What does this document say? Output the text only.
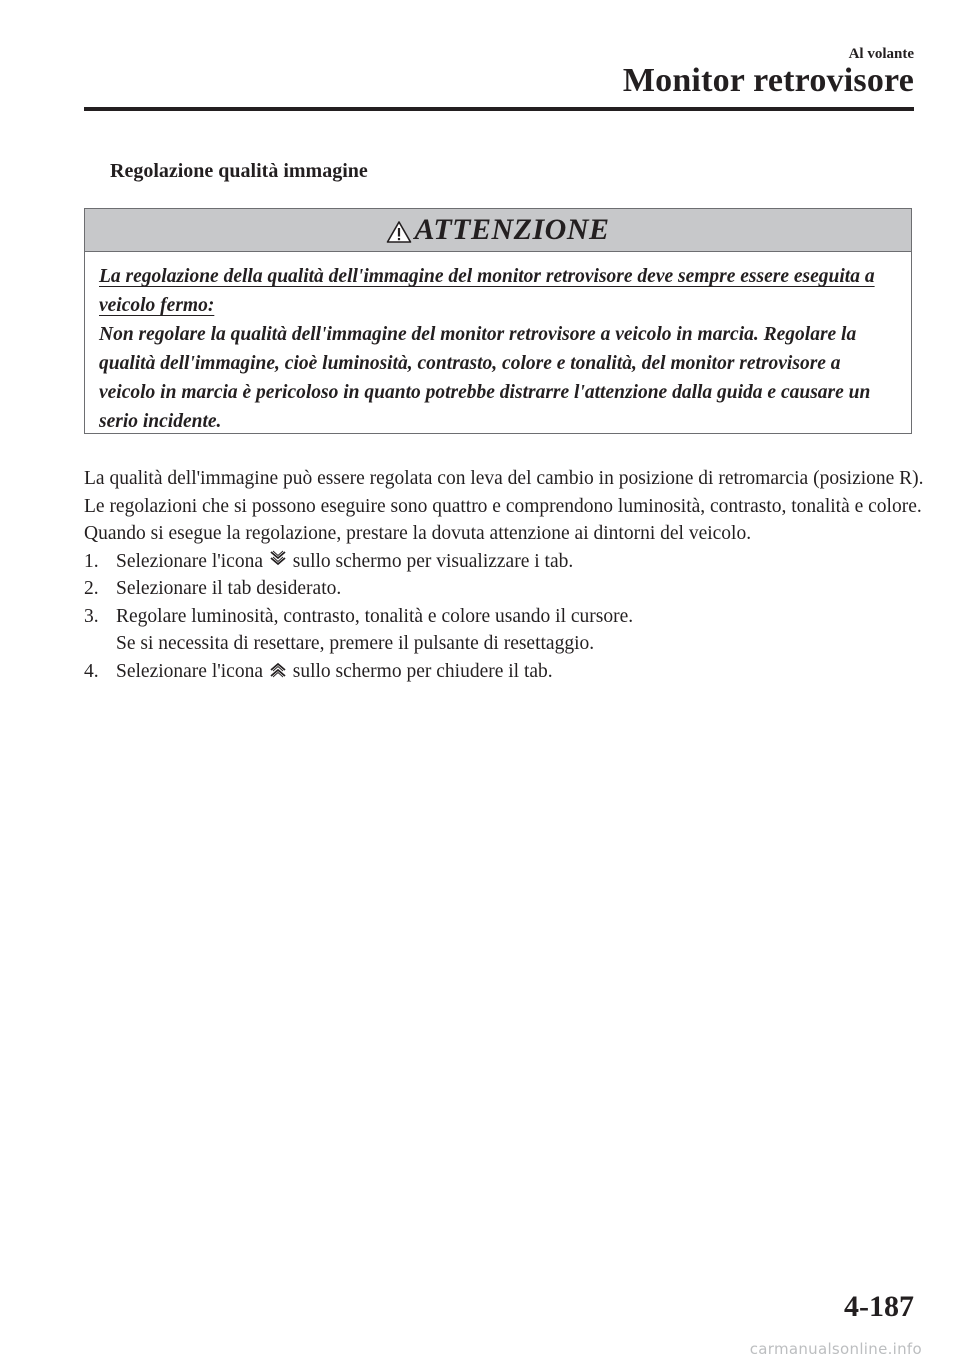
Al volante
Monitor retrovisore
Regolazione qualità immagine
ATTENZIONE
La regolazione della qualità dell'immagine del monitor retrovisore deve sempre essere eseguita a veicolo fermo:
Non regolare la qualità dell'immagine del monitor retrovisore a veicolo in marcia. Regolare la qualità dell'immagine, cioè luminosità, contrasto, colore e tonalità, del monitor retrovisore a veicolo in marcia è pericoloso in quanto potrebbe distrarre l'attenzione dalla guida e causare un serio incidente.

La qualità dell'immagine può essere regolata con leva del cambio in posizione di retromarcia (posizione R).

Le regolazioni che si possono eseguire sono quattro e comprendono luminosità, contrasto, tonalità e colore. Quando si esegue la regolazione, prestare la dovuta attenzione ai dintorni del veicolo.

1. Selezionare l'icona sullo schermo per visualizzare i tab.
2. Selezionare il tab desiderato.
3. Regolare luminosità, contrasto, tonalità e colore usando il cursore.
Se si necessita di resettare, premere il pulsante di resettaggio.
4. Selezionare l'icona sullo schermo per chiudere il tab.
4-187
carmanualsonline.info
